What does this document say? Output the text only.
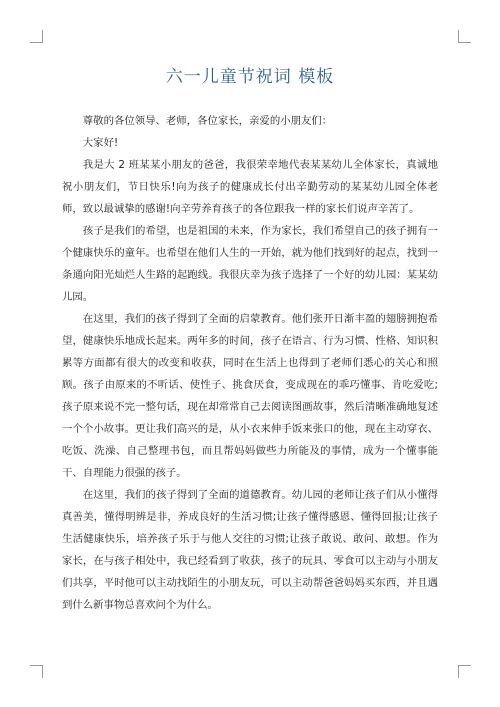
六一儿童节祝词 模板

尊敬的各位领导、老师，各位家长，亲爱的小朋友们：

大家好!

我是大 2 班某某小朋友的爸爸，我很荣幸地代表某某幼儿全体家长，真诚地祝小朋友们，节日快乐!向为孩子的健康成长付出辛勤劳动的某某幼儿园全体老师，致以最诚挚的感谢!向辛劳养育孩子的各位跟我一样的家长们说声辛苦了。

孩子是我们的希望，也是祖国的未来，作为家长，我们希望自己的孩子拥有一个健康快乐的童年。也希望在他们人生的一开始，就为他们找到好的起点，找到一条通向阳光灿烂人生路的起跑线。我很庆幸为孩子选择了一个好的幼儿园：某某幼儿园。

在这里，我们的孩子得到了全面的启蒙教育。他们张开日渐丰盈的翅膀拥抱希望，健康快乐地成长起来。两年多的时间，孩子在语言、行为习惯、性格、知识积累等方面都有很大的改变和收获，同时在生活上也得到了老师们悉心的关心和照顾。孩子由原来的不听话、使性子、挑食厌食，变成现在的乖巧懂事、肯吃爱吃;孩子原来说不完一整句话，现在却常常自己去阅读图画故事，然后清晰准确地复述一个个小故事。更让我们高兴的是，从小衣来伸手饭来张口的他，现在主动穿衣、吃饭、洗澡、自己整理书包，而且帮妈妈做些力所能及的事情，成为一个懂事能干、自理能力很强的孩子。

在这里，我们的孩子得到了全面的道德教育。幼儿园的老师让孩子们从小懂得真善美，懂得明辨是非，养成良好的生活习惯;让孩子懂得感恩、懂得回报;让孩子生活健康快乐，培养孩子乐于与他人交往的习惯;让孩子敢说、敢问、敢想。作为家长，在与孩子相处中，我已经看到了收获，孩子的玩具、零食可以主动与小朋友们共享，平时他可以主动找陌生的小朋友玩，可以主动帮爸爸妈妈买东西，并且遇到什么新事物总喜欢问个为什么。
